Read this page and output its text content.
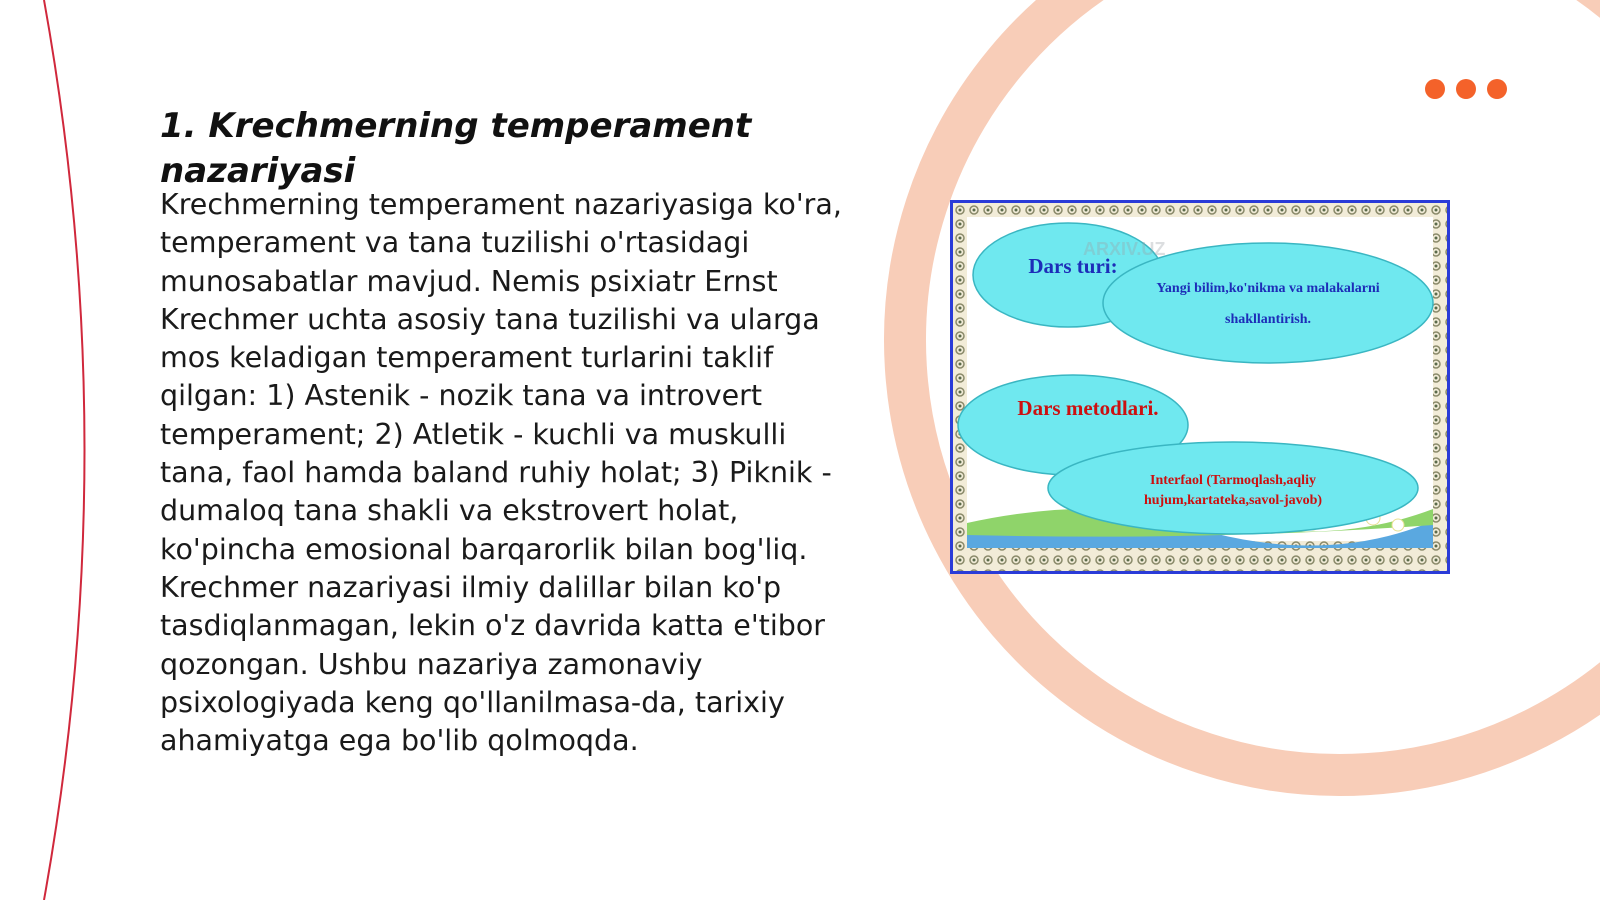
1. Krechmerning temperament nazariyasi

Krechmerning temperament nazariyasiga ko'ra, temperament va tana tuzilishi o'rtasidagi munosabatlar mavjud. Nemis psixiatr Ernst Krechmer uchta asosiy tana tuzilishi va ularga mos keladigan temperament turlarini taklif qilgan: 1) Astenik - nozik tana va introvert temperament; 2) Atletik - kuchli va muskulli tana, faol hamda baland ruhiy holat; 3) Piknik - dumaloq tana shakli va ekstrovert holat, ko'pincha emosional barqarorlik bilan bog'liq. Krechmer nazariyasi ilmiy dalillar bilan ko'p tasdiqlanmagan, lekin o'z davrida katta e'tibor qozongan. Ushbu nazariya zamonaviy psixologiyada keng qo'llanilmasa-da, tarixiy ahamiyatga ega bo'lib qolmoqda.

ARXIV.UZ

Dars turi:

Yangi bilim,ko'nikma va malakalarni shakllantirish.

Dars metodlari.

Interfaol (Tarmoqlash,aqliy hujum,kartateka,savol-javob)
